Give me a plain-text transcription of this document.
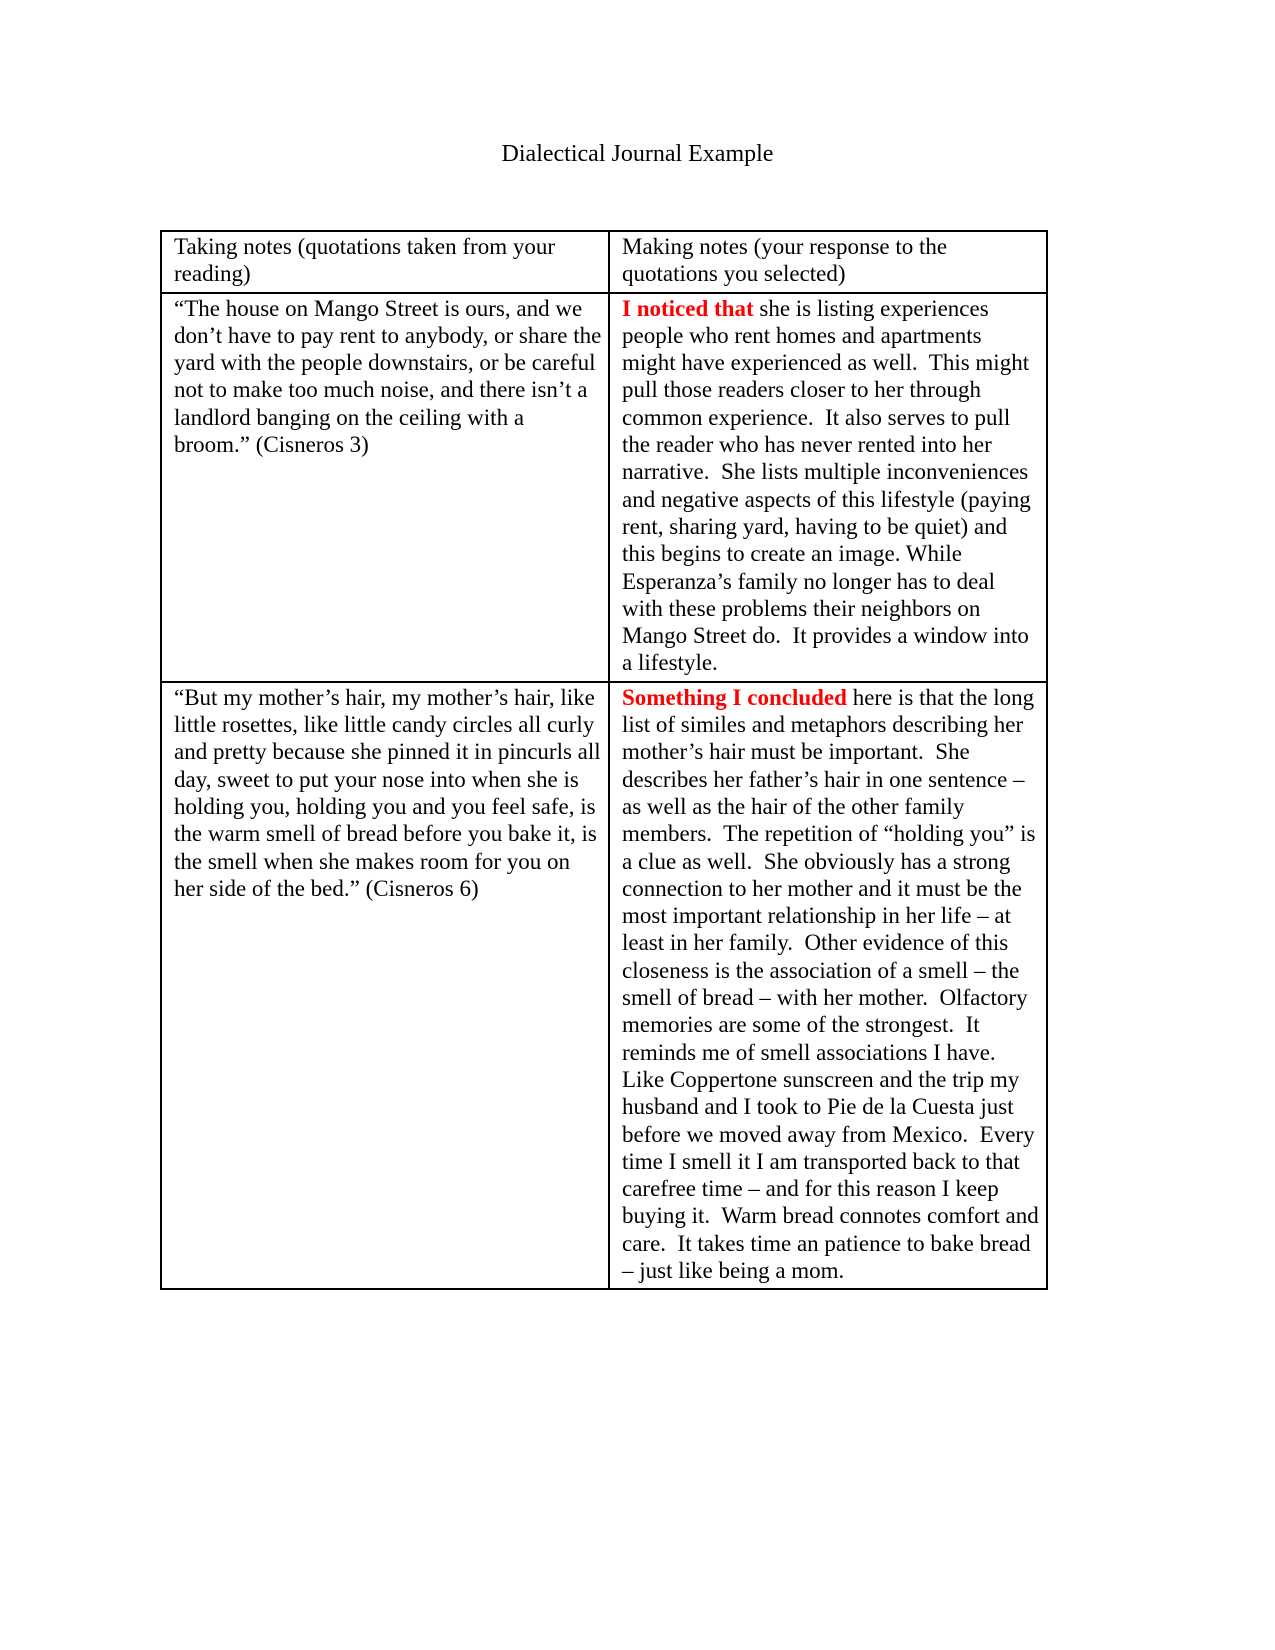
Dialectical Journal Example
Taking notes (quotations taken from your reading)	Making notes (your response to the quotations you selected)
“The house on Mango Street is ours, and we don’t have to pay rent to anybody, or share the yard with the people downstairs, or be careful not to make too much noise, and there isn’t a landlord banging on the ceiling with a broom.” (Cisneros 3)	I noticed that she is listing experiences people who rent homes and apartments might have experienced as well.  This might pull those readers closer to her through common experience.  It also serves to pull the reader who has never rented into her narrative.  She lists multiple inconveniences and negative aspects of this lifestyle (paying rent, sharing yard, having to be quiet) and this begins to create an image. While Esperanza’s family no longer has to deal with these problems their neighbors on Mango Street do.  It provides a window into a lifestyle.
“But my mother’s hair, my mother’s hair, like little rosettes, like little candy circles all curly and pretty because she pinned it in pincurls all day, sweet to put your nose into when she is holding you, holding you and you feel safe, is the warm smell of bread before you bake it, is the smell when she makes room for you on her side of the bed.” (Cisneros 6)	Something I concluded here is that the long list of similes and metaphors describing her mother’s hair must be important.  She describes her father’s hair in one sentence – as well as the hair of the other family members.  The repetition of “holding you” is a clue as well.  She obviously has a strong connection to her mother and it must be the most important relationship in her life – at least in her family.  Other evidence of this closeness is the association of a smell – the smell of bread – with her mother.  Olfactory memories are some of the strongest.  It reminds me of smell associations I have.  Like Coppertone sunscreen and the trip my husband and I took to Pie de la Cuesta just before we moved away from Mexico.  Every time I smell it I am transported back to that carefree time – and for this reason I keep buying it.  Warm bread connotes comfort and care.  It takes time an patience to bake bread – just like being a mom.
